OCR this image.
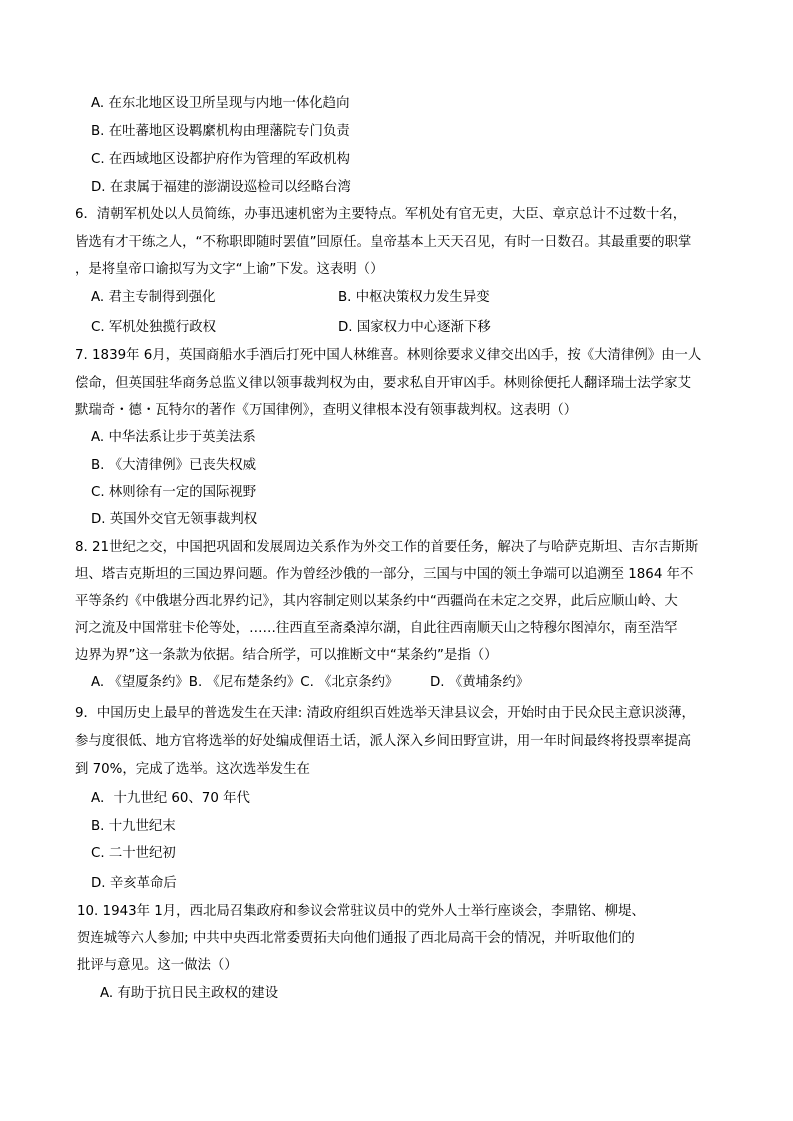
A. 在东北地区设卫所呈现与内地一体化趋向
B. 在吐蕃地区设羁縻机构由理藩院专门负责
C. 在西域地区设都护府作为管理的军政机构
D. 在隶属于福建的澎湖设巡检司以经略台湾
6．清朝军机处以人员简练，办事迅速机密为主要特点。军机处有官无吏，大臣、章京总计不过数十名，
皆选有才干练之人，“不称职即随时罢值”回原任。皇帝基本上天天召见，有时一日数召。其最重要的职掌
，是将皇帝口谕拟写为文字“上谕”下发。这表明（）
A. 君主专制得到强化	B. 中枢决策权力发生异变
C. 军机处独揽行政权	D. 国家权力中心逐渐下移
7. 1839年 6月，英国商船水手酒后打死中国人林维喜。林则徐要求义律交出凶手，按《大清律例》由一人
偿命，但英国驻华商务总监义律以领事裁判权为由，要求私自开审凶手。林则徐便托人翻译瑞士法学家艾
默瑞奇・德・瓦特尔的著作《万国律例》，查明义律根本没有领事裁判权。这表明（）
A. 中华法系让步于英美法系
B. 《大清律例》已丧失权威
C. 林则徐有一定的国际视野
D. 英国外交官无领事裁判权
8. 21世纪之交，中国把巩固和发展周边关系作为外交工作的首要任务，解决了与哈萨克斯坦、吉尔吉斯斯
坦、塔吉克斯坦的三国边界问题。作为曾经沙俄的一部分，三国与中国的领土争端可以追溯至 1864 年不
平等条约《中俄堪分西北界约记》，其内容制定则以某条约中“西疆尚在未定之交界，此后应顺山岭、大
河之流及中国常驻卡伦等处，……往西直至斋桑淖尔湖，自此往西南顺天山之特穆尔图淖尔，南至浩罕
边界为界”这一条款为依据。结合所学，可以推断文中“某条约”是指（）
A. 《望厦条约》B. 《尼布楚条约》C. 《北京条约》 D. 《黄埔条约》
9．中国历史上最早的普选发生在天津: 清政府组织百姓选举天津县议会，开始时由于民众民主意识淡薄，
参与度很低、地方官将选举的好处编成俚语土话，派人深入乡间田野宣讲，用一年时间最终将投票率提高
到 70%，完成了选举。这次选举发生在
A．十九世纪 60、70 年代
B. 十九世纪末
C. 二十世纪初
D. 辛亥革命后
10. 1943年 1月，西北局召集政府和参议会常驻议员中的党外人士举行座谈会，李鼎铭、柳堤、
贺连城等六人参加; 中共中央西北常委贾拓夫向他们通报了西北局高干会的情况，并听取他们的
批评与意见。这一做法（）
A. 有助于抗日民主政权的建设
